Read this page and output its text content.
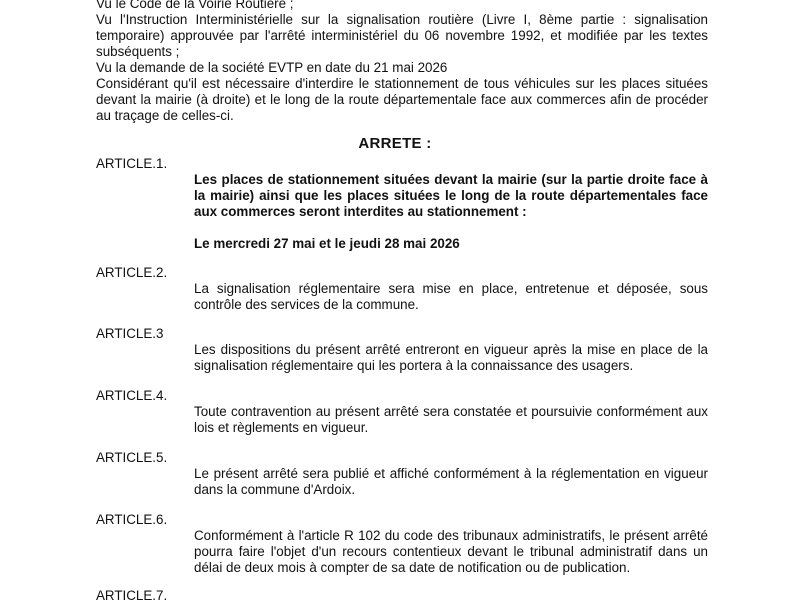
Vu le Code de la Voirie Routière ;

Vu l'Instruction Interministérielle sur la signalisation routière (Livre I, 8ème partie : signalisation temporaire) approuvée par l'arrêté interministériel du 06 novembre 1992, et modifiée par les textes subséquents ;

Vu la demande de la société EVTP en date du 21 mai 2026

Considérant qu'il est nécessaire d'interdire le stationnement de tous véhicules sur les places situées devant la mairie (à droite) et le long de la route départementale face aux commerces afin de procéder au traçage de celles-ci.

ARRETE :

ARTICLE.1.

Les places de stationnement situées devant la mairie (sur la partie droite face à la mairie) ainsi que les places situées le long de la route départementales face aux commerces seront interdites au stationnement :
Le mercredi 27 mai et le jeudi 28 mai 2026

ARTICLE.2.

La signalisation réglementaire sera mise en place, entretenue et déposée, sous contrôle des services de la commune.

ARTICLE.3

Les dispositions du présent arrêté entreront en vigueur après la mise en place de la signalisation réglementaire qui les portera à la connaissance des usagers.

ARTICLE.4.

Toute contravention au présent arrêté sera constatée et poursuivie conformément aux lois et règlements en vigueur.

ARTICLE.5.

Le présent arrêté sera publié et affiché conformément à la réglementation en vigueur dans la commune d'Ardoix.

ARTICLE.6.

Conformément à l'article R 102 du code des tribunaux administratifs, le présent arrêté pourra faire l'objet d'un recours contentieux devant le tribunal administratif dans un délai de deux mois à compter de sa date de notification ou de publication.

ARTICLE.7.
